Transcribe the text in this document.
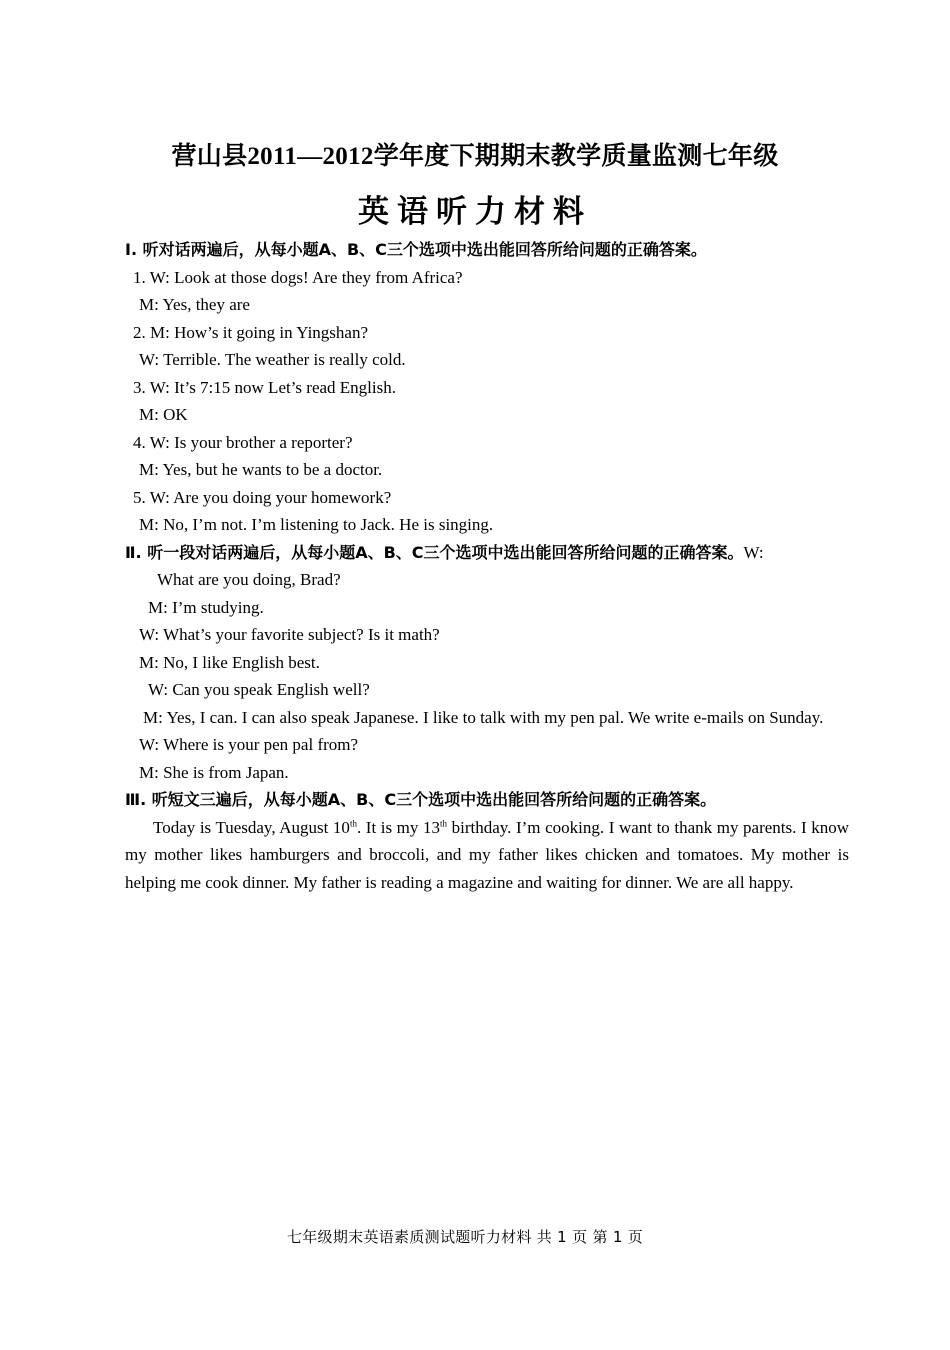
营山县2011—2012学年度下期期末教学质量监测七年级
英语听力材料
Ⅰ. 听对话两遍后，从每小题A、B、C三个选项中选出能回答所给问题的正确答案。
1. W: Look at those dogs! Are they from Africa?
M: Yes, they are
2. M: How’s it going in Yingshan?
W: Terrible. The weather is really cold.
3. W: It’s 7:15 now Let’s read English.
M: OK
4. W: Is your brother a reporter?
M: Yes, but he wants to be a doctor.
5. W: Are you doing your homework?
M: No, I’m not. I’m listening to Jack. He is singing.
Ⅱ. 听一段对话两遍后，从每小题A、B、C三个选项中选出能回答所给问题的正确答案。W:
What are you doing, Brad?
M: I’m studying.
W: What’s your favorite subject? Is it math?
M: No, I like English best.
W: Can you speak English well?
M: Yes, I can. I can also speak Japanese. I like to talk with my pen pal. We write e-mails on Sunday.
W: Where is your pen pal from?
M: She is from Japan.
Ⅲ. 听短文三遍后，从每小题A、B、C三个选项中选出能回答所给问题的正确答案。
Today is Tuesday, August 10th. It is my 13th birthday. I’m cooking. I want to thank my parents. I know my mother likes hamburgers and broccoli, and my father likes chicken and tomatoes. My mother is helping me cook dinner. My father is reading a magazine and waiting for dinner. We are all happy.
七年级期末英语素质测试题听力材料 共 1 页 第 1 页
